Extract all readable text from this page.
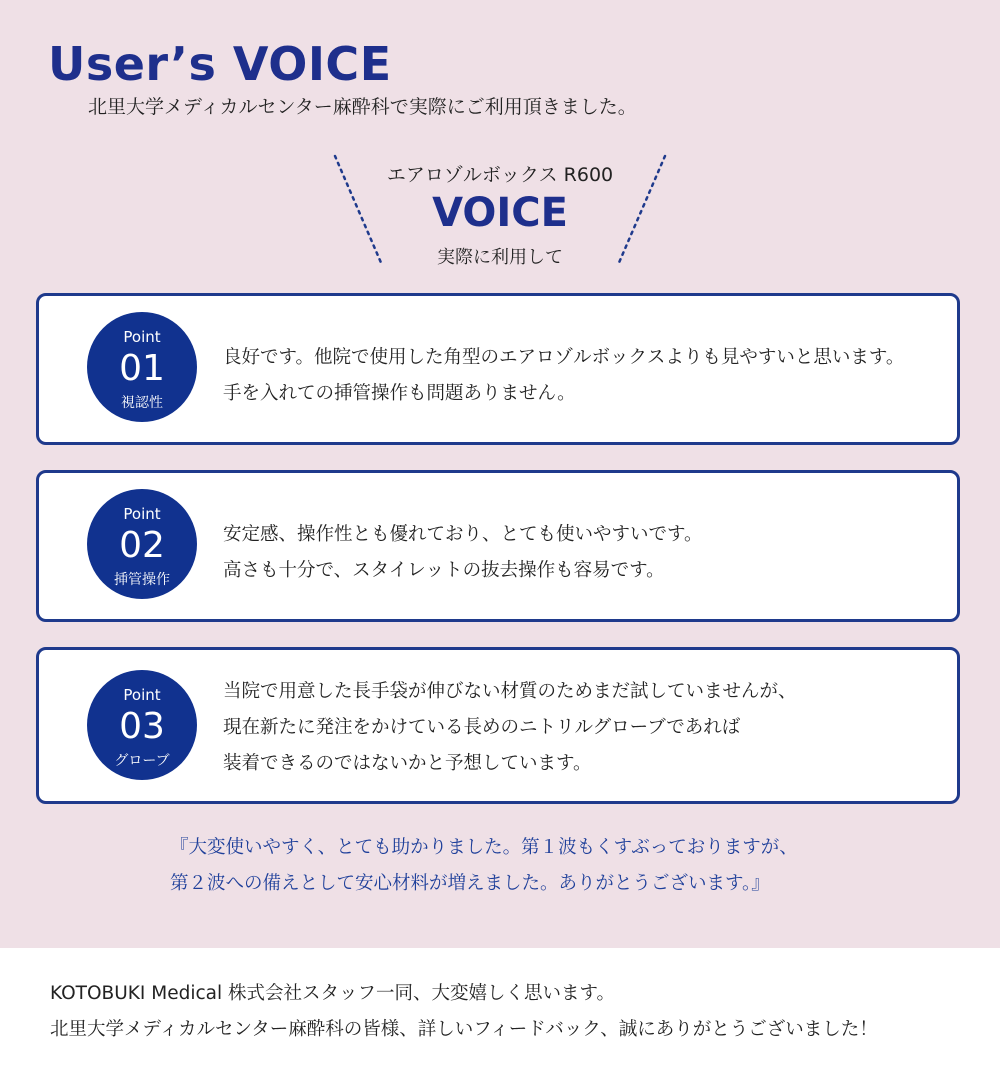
User’s VOICE
北里大学メディカルセンター麻酔科で実際にご利用頂きました。
エアロゾルボックス R600
VOICE
実際に利用して
Point
01
視認性
良好です。他院で使用した角型のエアロゾルボックスよりも見やすいと思います。
手を入れての挿管操作も問題ありません。
Point
02
挿管操作
安定感、操作性とも優れており、とても使いやすいです。
高さも十分で、スタイレットの抜去操作も容易です。
Point
03
グローブ
当院で用意した長手袋が伸びない材質のためまだ試していませんが、
現在新たに発注をかけている長めのニトリルグローブであれば
装着できるのではないかと予想しています。
『大変使いやすく、とても助かりました。第１波もくすぶっておりますが、
第２波への備えとして安心材料が増えました。ありがとうございます。』
KOTOBUKI Medical 株式会社スタッフ一同、大変嬉しく思います。
北里大学メディカルセンター麻酔科の皆様、詳しいフィードバック、誠にありがとうございました！
